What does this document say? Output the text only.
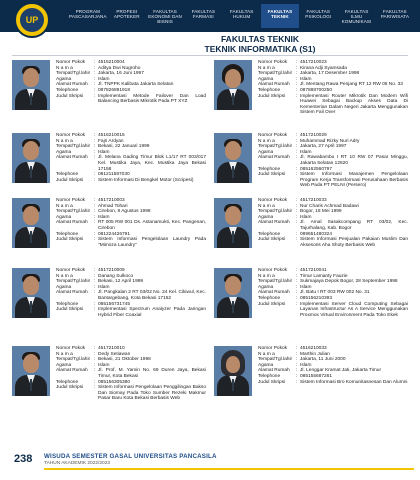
UP
PROGRAM PASCASARJANA
PROFESI APOTEKER
FAKULTAS EKONOMI DAN BISNIS
FAKULTAS FARMASI
FAKULTAS HUKUM
FAKULTAS TEKNIK
FAKULTAS PSIKOLOGI
FAKULTAS ILMU KOMUNIKASI
FAKULTAS PARIWISATA
FAKULTAS TEKNIK
TEKNIK INFORMATIKA (S1)
Nomor Pokok	: 4515210004
N a m a	: Aditya Dwi Nugroho
Tempat/Tgl.lahir : Jakarta, 16 Juni 1997
Agama	: Islam
Alamat Rumah	: Jl. TNPPK Kalibata Jakarta Selatan
Telephone	: 087826891918
Judul Skripsi	: Implementasi Metode Failover Dan Load Balancing Berbasis Mikrotik Pada PT XYZ
Nomor Pokok	: 4517210023
N a m a	: Kirana Adji Syamsada
Tempat/Tgl.lahir : Jakarta, 17 Desember 1998
Agama	: Islam
Alamat Rumah	: Jl. Mentang Rawa Penjang RT 12 RW 05 No. 33
Telephone	: 087888700250
Judul Skripsi	: Implementasi Router Mikrotik Dan Modem Wifi Huawei Sebagai Backup Akses Data Di Kementerian Dalam Negeri Jakarta Menggunakan Sistem Fail Over
Nomor Pokok	: 4516210015
N a m a	: Fajri Ardyan
Tempat/Tgl.lahir : Bekasi, 22 Januari 1999
Agama	: Islam
Alamat Rumah	: Jl. Melana Gading Timur Blok L1/17 RT 003/017 Kel. Mustika Jaya, Kec. Mustika Jaya Bekasi 17158
Telephone	: 081211587030
Judul Skripsi	: Sistem Informasi Di Bengkel Motor (Scripesi)
Nomor Pokok	: 4517210029
N a m a	: Muhammad Rizky Nuri Adry
Tempat/Tgl.lahir : Jakarta, 27 April 1997
Agama	: Islam
Alamat Rumah	: Jl. Rawabambu I RT 10 RW 07 Pasar Minggu, Jakarta Selatan 12520
Telephone	: 085162560797
Judul Skripsi	: Sistem Informasi Manajemen Pengelolaan Program Kerja Transformasi Perusahaan Berbasis Web Pada PT PELNI (Persero)
Nomor Pokok	: 4517210003
N a m a	: Ahmad Tohari
Tempat/Tgl.lahir : Cirebon, 8 Agustus 1998
Agama	: Islam
Alamat Rumah	: RT 005 RW 001 Ds. Astanamukti, Kec. Pangenan, Cirebon
Telephone	: 081224426791
Judul Skripsi	: Sistem Informasi Pengelolaan Laundry Pada "Mimoza Laundry"
Nomor Pokok	: 4517210033
N a m a	: Nur Charis Achmad Badawi
Tempat/Tgl.lahir : Bogor, 15 Mei 1999
Agama	: Islam
Alamat Rumah	: Jl. Amal Sasakcompang RT 03/02, Kec. Tajurhalang, Kab. Bogor
Telephone	: 089651480324
Judul Skripsi	: Sistem Informasi Penjualan Pakaian Muslim Dan Aksesoris Aha Shoty Berbasis Web
Nomor Pokok	: 4517210009
N a m a	: Danang Sulkoco
Tempat/Tgl.lahir : Bekasi, 12 April 1999
Agama	: Islam
Alamat Rumah	: Jl. Pangkalan 2 RT 03/02 No. 24 Kel. Cikiwul, Kec. Bantargebang, Kota Bekasi 17152
Telephone	: 085156731745
Judul Skripsi	: Implementasi Spectrum Analyzer Pada Jaringan Hybrid Fiber Coaxial
Nomor Pokok	: 4517210041
N a m a	: Timur Lamanty Fauzie
Tempat/Tgl.lahir : Sukmajaya Depok Bogor, 28 September 1998
Agama	: Islam
Alamat Rumah	: Jl. Batu I RT 003 RW 002 No. 31
Telephone	: 085156210393
Judul Skripsi	: Implementasi Server Cloud Computing Sebagai Layanan Infrastructur As A Service Menggunakan Proxmox Virtual Environment Pada Toko Ekek
Nomor Pokok	: 4517210010
N a m a	: Dedy Setiawan
Tempat/Tgl.lahir : Bekasi, 21 Oktober 1998
Agama	: Islam
Alamat Rumah	: Jl. Prof. M. Yamin No. 69 Duren Jaya, Bekasi Timur, Kota Bekasi
Telephone	: 085156305380
Judul Skripsi	: Sistem Informasi Pengelolaan Penggilingan Bakso Dan Siomay Pada Toko Sumber Rezeki Makmur Pasar Baru Kota Bekasi Berbasis Web
Nomor Pokok	: 4516210033
N a m a	: Marthin Julian
Tempat/Tgl.lahir : Jakarta, 11 Juni 2000
Agama	: Islam
Alamat Rumah	: Jl. Lenggar Kramat Jati, Jakarta Timur
Telephone	: 085155687261
Judul Skripsi	: Sistem Informasi Bro Komunitasnesan Dan Alumni
238 WISUDA SEMESTER GASAL UNIVERSITAS PANCASILA
TAHUN AKADEMIK 2022/2023
